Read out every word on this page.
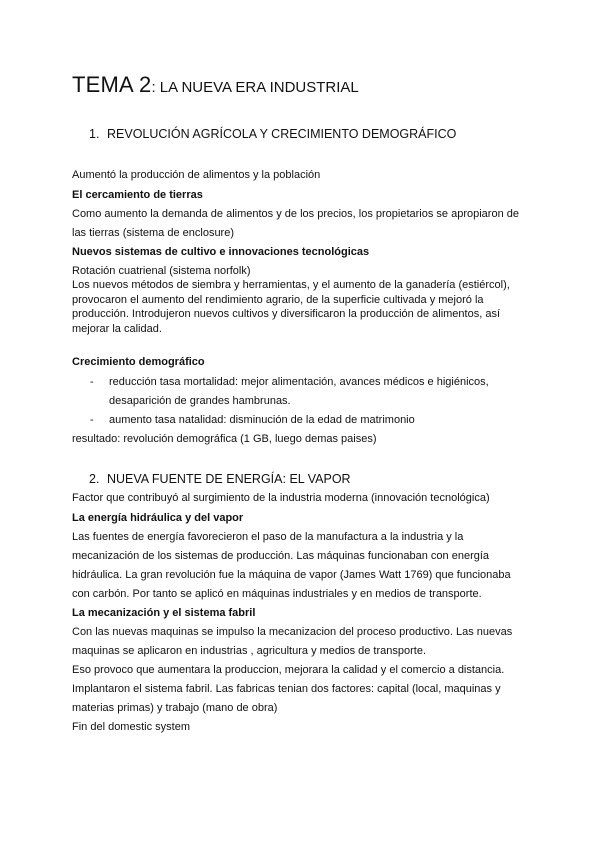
TEMA 2: LA NUEVA ERA INDUSTRIAL
1. REVOLUCIÓN AGRÍCOLA Y CRECIMIENTO DEMOGRÁFICO
Aumentó la producción de alimentos y la población
El cercamiento de tierras
Como aumento la demanda de alimentos y de los precios, los propietarios se apropiaron de
las tierras (sistema de enclosure)
Nuevos sistemas de cultivo e innovaciones tecnológicas
Rotación cuatrienal (sistema norfolk)
Los nuevos métodos de siembra y herramientas, y el aumento de la ganadería (estiércol),
provocaron el aumento del rendimiento agrario, de la superficie cultivada y mejoró la
producción. Introdujeron nuevos cultivos y diversificaron la producción de alimentos, así
mejorar la calidad.
Crecimiento demográfico
- reducción tasa mortalidad: mejor alimentación, avances médicos e higiénicos,
desaparición de grandes hambrunas.
- aumento tasa natalidad: disminución de la edad de matrimonio
resultado: revolución demográfica (1 GB, luego demas paises)
2. NUEVA FUENTE DE ENERGÍA: EL VAPOR
Factor que contribuyó al surgimiento de la industria moderna (innovación tecnológica)
La energía hidráulica y del vapor
Las fuentes de energía favorecieron el paso de la manufactura a la industria y la
mecanización de los sistemas de producción. Las máquinas funcionaban con energía
hidráulica. La gran revolución fue la máquina de vapor (James Watt 1769) que funcionaba
con carbón. Por tanto se aplicó en máquinas industriales y en medios de transporte.
La mecanización y el sistema fabril
Con las nuevas maquinas se impulso la mecanizacion del proceso productivo. Las nuevas
maquinas se aplicaron en industrias , agricultura y medios de transporte.
Eso provoco que aumentara la produccion, mejorara la calidad y el comercio a distancia.
Implantaron el sistema fabril. Las fabricas tenian dos factores: capital (local, maquinas y
materias primas) y trabajo (mano de obra)
Fin del domestic system
